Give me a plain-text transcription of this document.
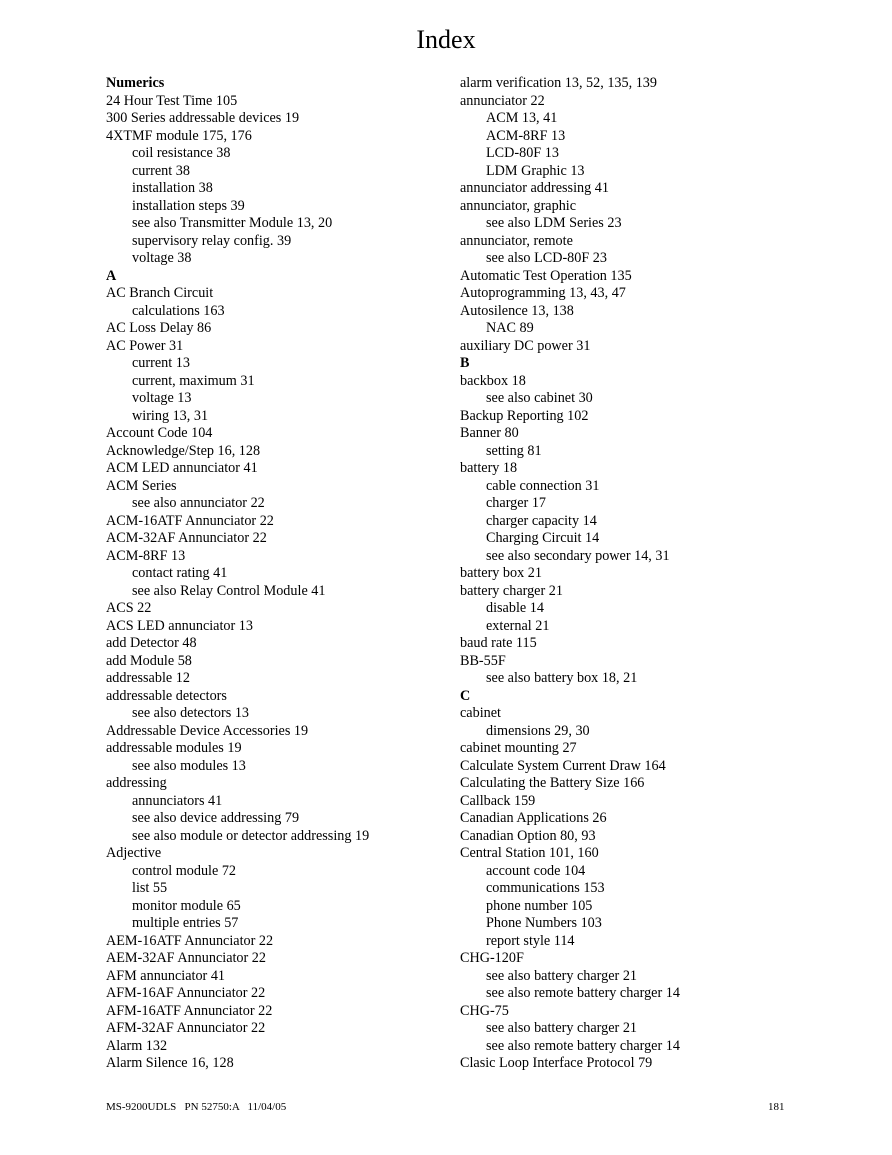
Index
Numerics
24 Hour Test Time 105
300 Series addressable devices 19
4XTMF module 175, 176
coil resistance 38
current 38
installation 38
installation steps 39
see also Transmitter Module 13, 20
supervisory relay config. 39
voltage 38
A
AC Branch Circuit
calculations 163
AC Loss Delay 86
AC Power 31
current 13
current, maximum 31
voltage 13
wiring 13, 31
Account Code 104
Acknowledge/Step 16, 128
ACM LED annunciator 41
ACM Series
see also annunciator 22
ACM-16ATF Annunciator 22
ACM-32AF Annunciator 22
ACM-8RF 13
contact rating 41
see also Relay Control Module 41
ACS 22
ACS LED annunciator 13
add Detector 48
add Module 58
addressable 12
addressable detectors
see also detectors 13
Addressable Device Accessories 19
addressable modules 19
see also modules 13
addressing
annunciators 41
see also device addressing 79
see also module or detector addressing 19
Adjective
control module 72
list 55
monitor module 65
multiple entries 57
AEM-16ATF Annunciator 22
AEM-32AF Annunciator 22
AFM annunciator 41
AFM-16AF Annunciator 22
AFM-16ATF Annunciator 22
AFM-32AF Annunciator 22
Alarm 132
Alarm Silence 16, 128
alarm verification 13, 52, 135, 139
annunciator 22
ACM 13, 41
ACM-8RF 13
LCD-80F 13
LDM Graphic 13
annunciator addressing 41
annunciator, graphic
see also LDM Series 23
annunciator, remote
see also LCD-80F 23
Automatic Test Operation 135
Autoprogramming 13, 43, 47
Autosilence 13, 138
NAC 89
auxiliary DC power 31
B
backbox 18
see also cabinet 30
Backup Reporting 102
Banner 80
setting 81
battery 18
cable connection 31
charger 17
charger capacity 14
Charging Circuit 14
see also secondary power 14, 31
battery box 21
battery charger 21
disable 14
external 21
baud rate 115
BB-55F
see also battery box 18, 21
C
cabinet
dimensions 29, 30
cabinet mounting 27
Calculate System Current Draw 164
Calculating the Battery Size 166
Callback 159
Canadian Applications 26
Canadian Option 80, 93
Central Station 101, 160
account code 104
communications 153
phone number 105
Phone Numbers 103
report style 114
CHG-120F
see also battery charger 21
see also remote battery charger 14
CHG-75
see also battery charger 21
see also remote battery charger 14
Clasic Loop Interface Protocol 79
MS-9200UDLS   PN 52750:A   11/04/05	181
